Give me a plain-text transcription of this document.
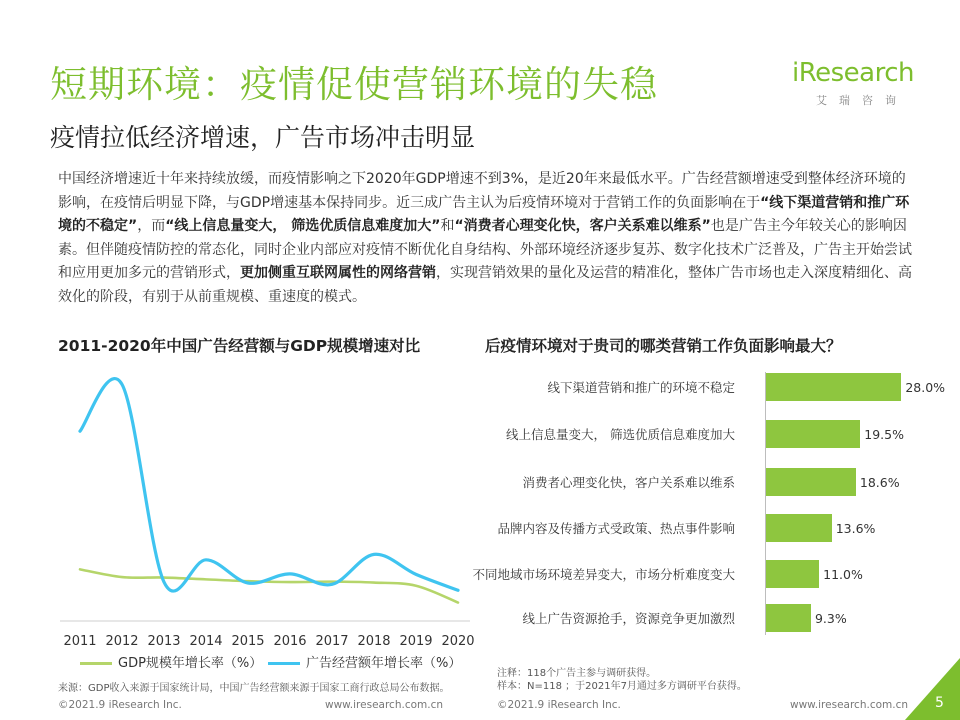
短期环境：疫情促使营销环境的失稳
疫情拉低经济增速，广告市场冲击明显
iResearch
艾瑞咨询
中国经济增速近十年来持续放缓，而疫情影响之下2020年GDP增速不到3%，是近20年来最低水平。广告经营额增速受到整体经济环境的影响，在疫情后明显下降，与GDP增速基本保持同步。近三成广告主认为后疫情环境对于营销工作的负面影响在于“线下渠道营销和推广环境的不稳定”，而“线上信息量变大， 筛选优质信息难度加大”和“消费者心理变化快，客户关系难以维系”也是广告主今年较关心的影响因素。但伴随疫情防控的常态化，同时企业内部应对疫情不断优化自身结构、外部环境经济逐步复苏、数字化技术广泛普及，广告主开始尝试和应用更加多元的营销形式，更加侧重互联网属性的网络营销，实现营销效果的量化及运营的精准化，整体广告市场也走入深度精细化、高效化的阶段，有别于从前重规模、重速度的模式。
2011-2020年中国广告经营额与GDP规模增速对比	后疫情环境对于贵司的哪类营销工作负面影响最大？
2011 2012 2013 2014 2015 2016 2017 2018 2019 2020
GDP规模年增长率（%）	广告经营额年增长率（%）
来源：GDP收入来源于国家统计局，中国广告经营额来源于国家工商行政总局公布数据。
线下渠道营销和推广的环境不稳定	28.0%
线上信息量变大， 筛选优质信息难度加大	19.5%
消费者心理变化快，客户关系难以维系	18.6%
品牌内容及传播方式受政策、热点事件影响	13.6%
不同地域市场环境差异变大，市场分析难度变大	11.0%
线上广告资源抢手，资源竞争更加激烈	9.3%
注释：118个广告主参与调研获得。
样本：N=118 ；于2021年7月通过多方调研平台获得。
©2021.9 iResearch Inc.	www.iresearch.com.cn	©2021.9 iResearch Inc.	www.iresearch.com.cn 5
